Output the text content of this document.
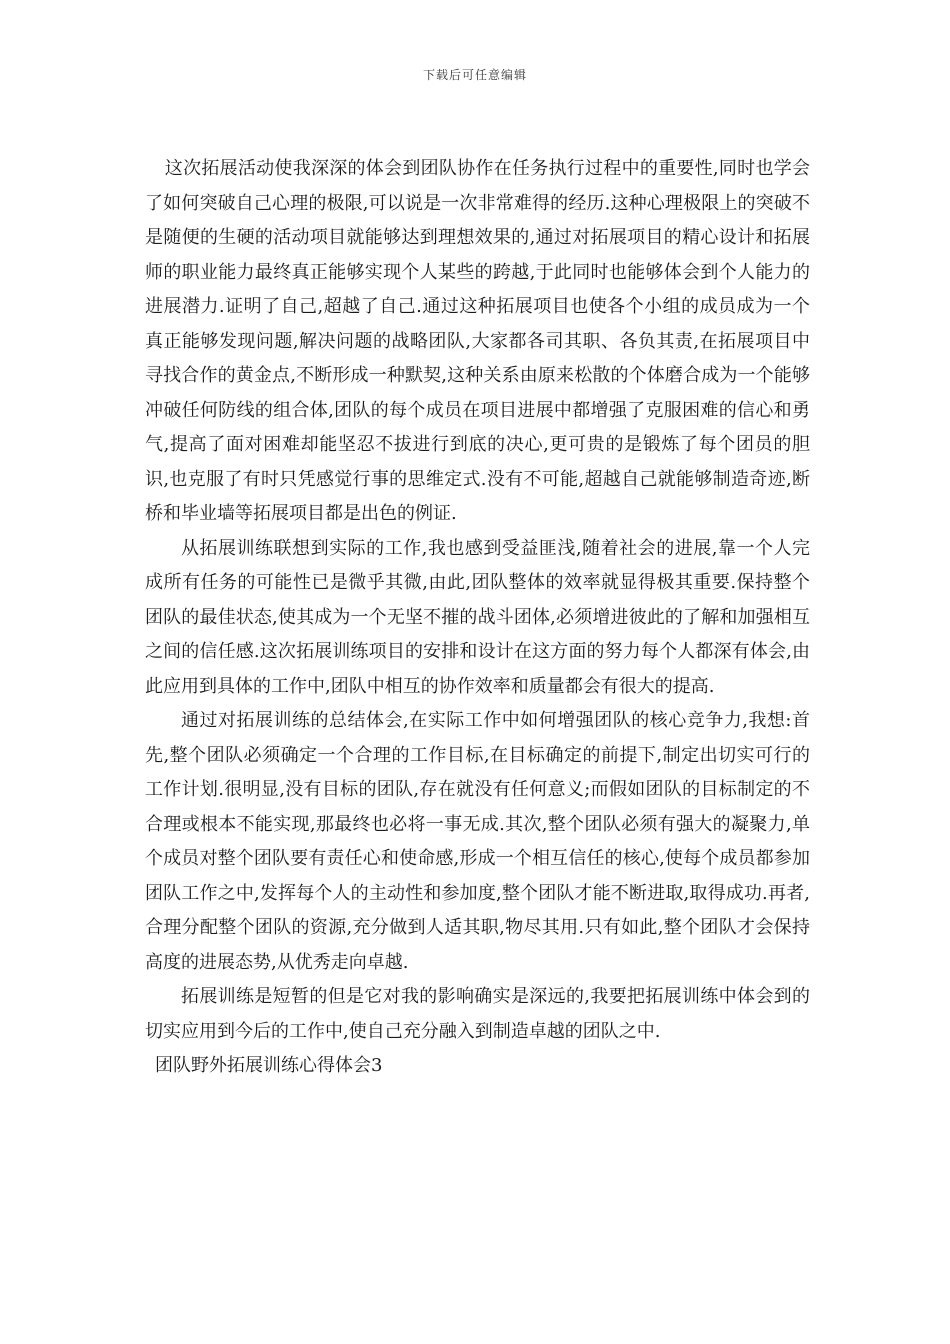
下载后可任意编辑

这次拓展活动使我深深的体会到团队协作在任务执行过程中的重要性,同时也学会了如何突破自己心理的极限,可以说是一次非常难得的经历.这种心理极限上的突破不是随便的生硬的活动项目就能够达到理想效果的,通过对拓展项目的精心设计和拓展师的职业能力最终真正能够实现个人某些的跨越,于此同时也能够体会到个人能力的进展潜力.证明了自己,超越了自己.通过这种拓展项目也使各个小组的成员成为一个真正能够发现问题,解决问题的战略团队,大家都各司其职、各负其责,在拓展项目中寻找合作的黄金点,不断形成一种默契,这种关系由原来松散的个体磨合成为一个能够冲破任何防线的组合体,团队的每个成员在项目进展中都增强了克服困难的信心和勇气,提高了面对困难却能坚忍不拔进行到底的决心,更可贵的是锻炼了每个团员的胆识,也克服了有时只凭感觉行事的思维定式.没有不可能,超越自己就能够制造奇迹,断桥和毕业墙等拓展项目都是出色的例证.

从拓展训练联想到实际的工作,我也感到受益匪浅,随着社会的进展,靠一个人完成所有任务的可能性已是微乎其微,由此,团队整体的效率就显得极其重要.保持整个团队的最佳状态,使其成为一个无坚不摧的战斗团体,必须增进彼此的了解和加强相互之间的信任感.这次拓展训练项目的安排和设计在这方面的努力每个人都深有体会,由此应用到具体的工作中,团队中相互的协作效率和质量都会有很大的提高.

通过对拓展训练的总结体会,在实际工作中如何增强团队的核心竞争力,我想:首先,整个团队必须确定一个合理的工作目标,在目标确定的前提下,制定出切实可行的工作计划.很明显,没有目标的团队,存在就没有任何意义;而假如团队的目标制定的不合理或根本不能实现,那最终也必将一事无成.其次,整个团队必须有强大的凝聚力,单个成员对整个团队要有责任心和使命感,形成一个相互信任的核心,使每个成员都参加团队工作之中,发挥每个人的主动性和参加度,整个团队才能不断进取,取得成功.再者,合理分配整个团队的资源,充分做到人适其职,物尽其用.只有如此,整个团队才会保持高度的进展态势,从优秀走向卓越.

拓展训练是短暂的但是它对我的影响确实是深远的,我要把拓展训练中体会到的切实应用到今后的工作中,使自己充分融入到制造卓越的团队之中.

团队野外拓展训练心得体会3
